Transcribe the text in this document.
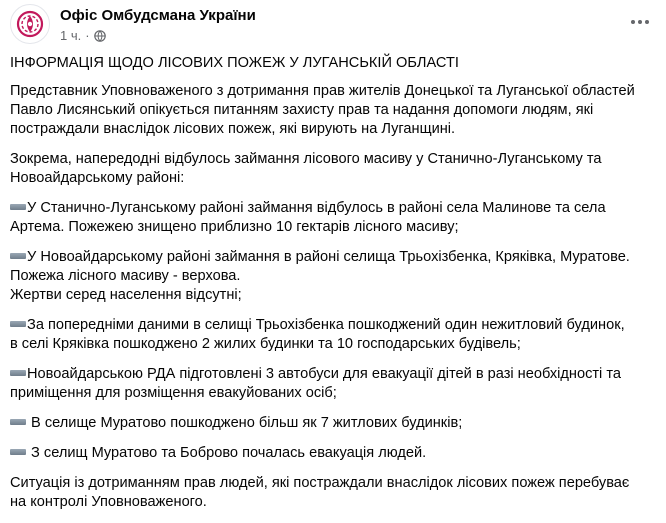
Офіс Омбудсмана України
1 ч. ·
ІНФОРМАЦІЯ ЩОДО ЛІСОВИХ ПОЖЕЖ У ЛУГАНСЬКІЙ ОБЛАСТІ
Представник Уповноваженого з дотримання прав жителів Донецької та Луганської областей
Павло Лисянський опікується питанням захисту прав та надання допомоги людям, які
постраждали внаслідок лісових пожеж, які вирують на Луганщині.
Зокрема, напередодні відбулось займання лісового масиву у Станично-Луганському та
Новоайдарському районі:
У Станично-Луганському районі займання відбулось в районі села Малинове та села
Артема. Пожежею знищено приблизно 10 гектарів лісного масиву;
У Новоайдарському районі займання в районі селища Трьохізбенка, Кряківка, Муратове.
Пожежа лісного масиву - верхова.
Жертви серед населення відсутні;
За попередніми даними в селищі Трьохізбенка пошкоджений один нежитловий будинок,
в селі Кряківка пошкоджено 2 жилих будинки та 10 господарських будівель;
Новоайдарською РДА підготовлені 3 автобуси для евакуації дітей в разі необхідності та
приміщення для розміщення евакуйованих осіб;
В селище Муратово пошкоджено більш як 7 житлових будинків;
З селищ Муратово та Боброво почалась евакуація людей.
Ситуація із дотриманням прав людей, які постраждали внаслідок лісових пожеж перебуває
на контролі Уповноваженого.
